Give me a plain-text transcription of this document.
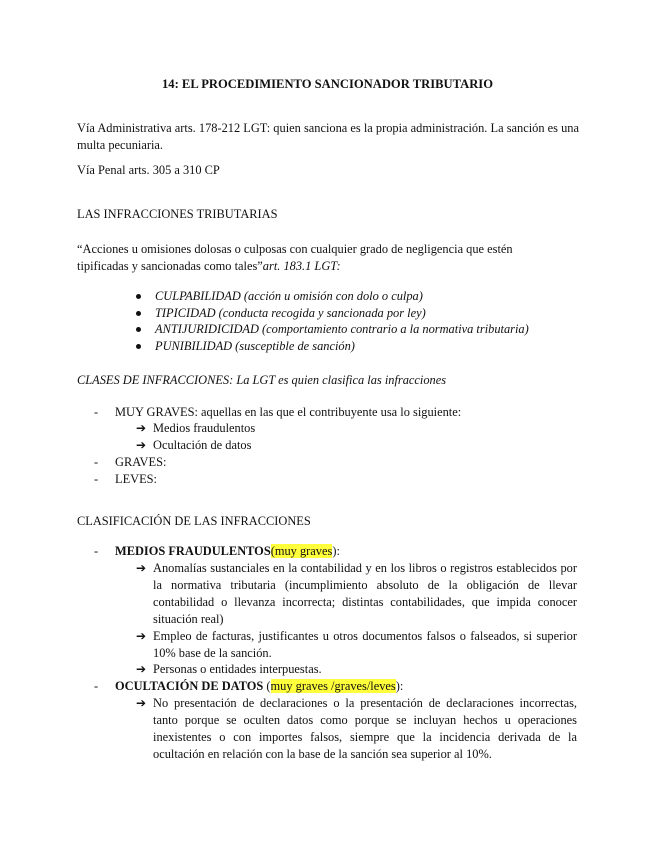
14: EL PROCEDIMIENTO SANCIONADOR TRIBUTARIO
Vía Administrativa arts. 178-212 LGT: quien sanciona es la propia administración. La sanción es una multa pecuniaria.
Vía Penal arts. 305 a 310 CP
LAS INFRACCIONES TRIBUTARIAS
“Acciones u omisiones dolosas o culposas con cualquier grado de negligencia que estén tipificadas y sancionadas como tales”art. 183.1 LGT:
CULPABILIDAD (acción u omisión con dolo o culpa)
TIPICIDAD (conducta recogida y sancionada por ley)
ANTIJURIDICIDAD (comportamiento contrario a la normativa tributaria)
PUNIBILIDAD (susceptible de sanción)
CLASES DE INFRACCIONES: La LGT es quien clasifica las infracciones
- MUY GRAVES: aquellas en las que el contribuyente usa lo siguiente:
➔ Medios fraudulentos
➔ Ocultación de datos
- GRAVES:
- LEVES:
CLASIFICACIÓN DE LAS INFRACCIONES
- MEDIOS FRAUDULENTOS(muy graves):
➔ Anomalías sustanciales en la contabilidad y en los libros o registros establecidos por la normativa tributaria (incumplimiento absoluto de la obligación de llevar contabilidad o llevanza incorrecta; distintas contabilidades, que impida conocer situación real)
➔ Empleo de facturas, justificantes u otros documentos falsos o falseados, si superior 10% base de la sanción.
➔ Personas o entidades interpuestas.
- OCULTACIÓN DE DATOS (muy graves /graves/leves):
➔ No presentación de declaraciones o la presentación de declaraciones incorrectas, tanto porque se oculten datos como porque se incluyan hechos u operaciones inexistentes o con importes falsos, siempre que la incidencia derivada de la ocultación en relación con la base de la sanción sea superior al 10%.
